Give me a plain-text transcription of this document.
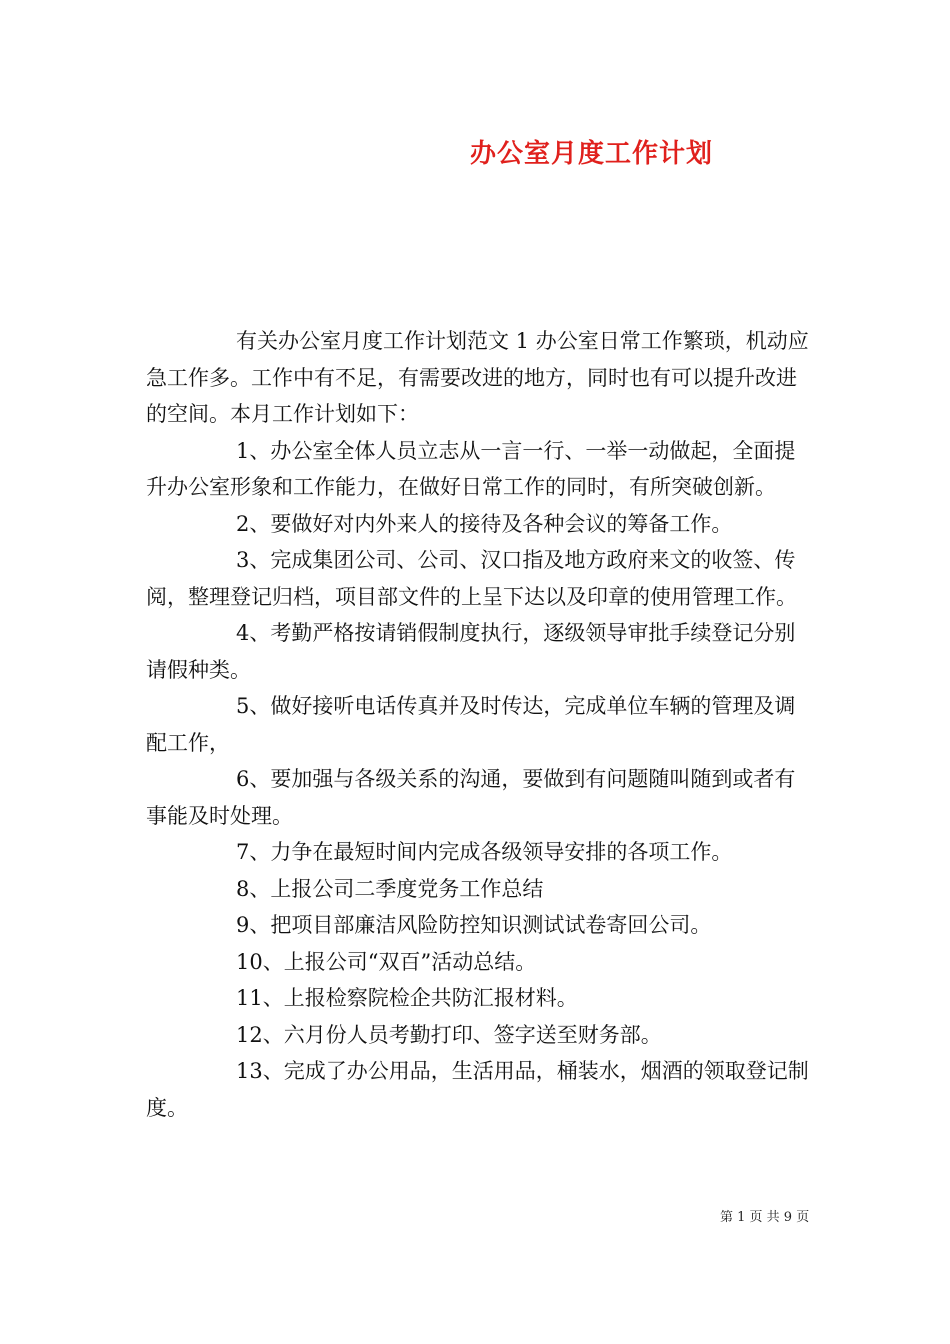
办公室月度工作计划

有关办公室月度工作计划范文 1 办公室日常工作繁琐，机动应急工作多。工作中有不足，有需要改进的地方，同时也有可以提升改进的空间。本月工作计划如下：

1、办公室全体人员立志从一言一行、一举一动做起，全面提升办公室形象和工作能力，在做好日常工作的同时，有所突破创新。

2、要做好对内外来人的接待及各种会议的筹备工作。

3、完成集团公司、公司、汉口指及地方政府来文的收签、传阅，整理登记归档，项目部文件的上呈下达以及印章的使用管理工作。

4、考勤严格按请销假制度执行，逐级领导审批手续登记分别请假种类。

5、做好接听电话传真并及时传达，完成单位车辆的管理及调配工作，

6、要加强与各级关系的沟通，要做到有问题随叫随到或者有事能及时处理。

7、力争在最短时间内完成各级领导安排的各项工作。

8、上报公司二季度党务工作总结

9、把项目部廉洁风险防控知识测试试卷寄回公司。

10、上报公司“双百”活动总结。

11、上报检察院检企共防汇报材料。

12、六月份人员考勤打印、签字送至财务部。

13、完成了办公用品，生活用品，桶装水，烟酒的领取登记制度。

第 1 页 共 9 页
